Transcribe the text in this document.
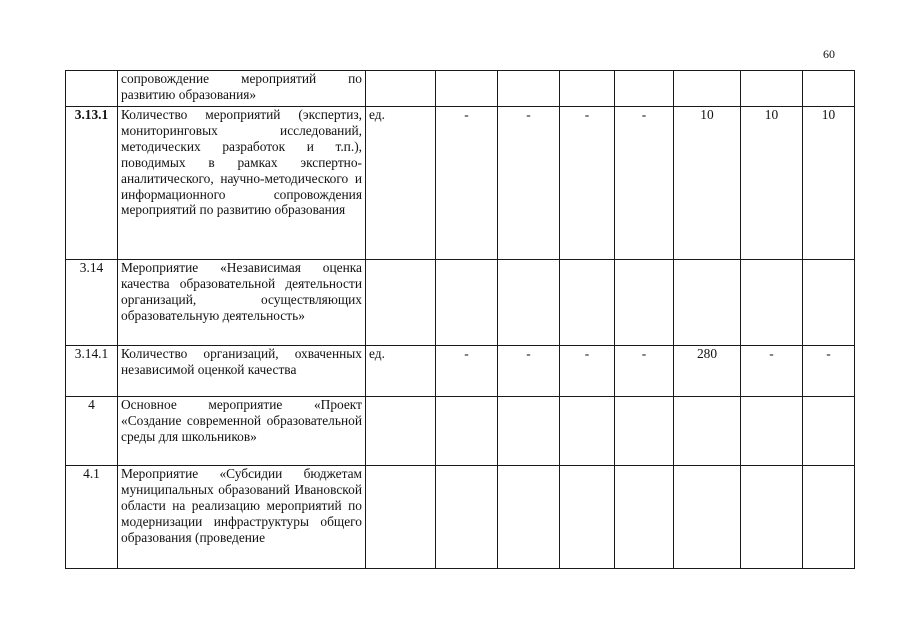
60
	сопровождение мероприятий по развитию образования»								
3.13.1	Количество мероприятий (экспертиз, мониторинговых исследований, методических разработок и т.п.), поводимых в рамках экспертно-аналитического, научно-методического и информационного сопровождения мероприятий по развитию образования	ед.	-	-	-	-	10	10	10
3.14	Мероприятие «Независимая оценка качества образовательной деятельности организаций, осуществляющих образовательную деятельность»								
3.14.1	Количество организаций, охваченных независимой оценкой качества	ед.	-	-	-	-	280	-	-
4	Основное мероприятие «Проект «Создание современной образовательной среды для школьников»								
4.1	Мероприятие «Субсидии бюджетам муниципальных образований Ивановской области на реализацию мероприятий по модернизации инфраструктуры общего образования (проведение								
